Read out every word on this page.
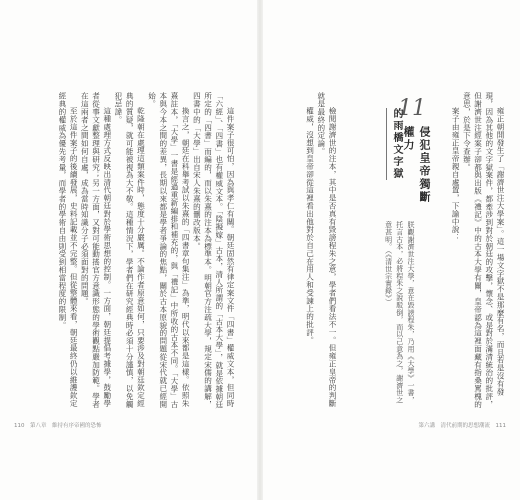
這件案子很可怕，因為與孝仁有關。朝廷固然有律定案文件「四書」權威文本，但同時「六經」、「四書」也有權威文本。「陰擬嫁」古本，清人所謂的「古本大學」，就是依據朝廷所定的「四書」而編的，而以朱熹的注本為標準本。明朝官方注疏大學，規定宋儒的講解，四書中的「大學」出自宋人朱熹的刪改版本。

換言之，朝廷在科舉考試以朱熹的「四書章句集注」為準，明代以來都是這樣。依照朱熹註本，「大學」一書是經過重新編排和補充的，與「禮記」中所收的古本不同。「大學」古本與今本之間的差異，長期以來都是學者爭論的焦點，關於古本原貌的問題從宋代就已經開始。

乾隆朝在處理這類案件時，態度十分嚴厲。不論作者原意如何，只要涉及對朝廷欽定經典的質疑，就可能被視為大不敬。這種情況下，學者們在研究經典時必須十分謹慎，以免觸犯忌諱。

這種處理方式反映出清代朝廷對於學術思想的控制。一方面，朝廷提倡考據學，鼓勵學者從事文獻整理與研究；另一方面，又對可能動搖官方意識形態的學術觀點嚴加防範。學者在這兩者之間如何自處，成為當時知識分子必須面對的問題。

至於這件案子的後續發展，史料記載並不完整。但從整體來看，朝廷最終仍以維護欽定經典的權威為優先考量，而學者的學術自由則受到相當程度的限制。

110　第八章　維持有序帝國的恐怖

雍正朝開發生了「謝濟世注大學案」。這一場文字獄不是那麼有名，而且若是沒有發現，因為其他的文字獄案件，都牽涉到對於朝廷的攻擊，懷念、或是對於滿清統治的批評，但謝濟世注經案子卻都與出版《禮記》中的古本大學有關，皇帝認為這裡面藏有指桑罵槐的意思，於是下令查辦。

案子由雍正皇帝親自處置，下諭中說：

11
侵犯皇帝獨斷權力
的雨橋文字獄

朕觀謝濟世注大學，意在毀謗程朱，乃用《大學》一書，托言古本，必將程朱之說駁倒，而以己意為之，謝濟世之意甚明。（《清世宗實錄》）

檢閱謝濟世的注本，其中是否真有毀謗程朱之意，學者們看法不一。但雍正皇帝的判斷就是最終的定論。

權威，沒想到皇帝卻從這裡看出他對於自己在用人和受諫上的批評。

第六講　清代前期的思想潮流　111
